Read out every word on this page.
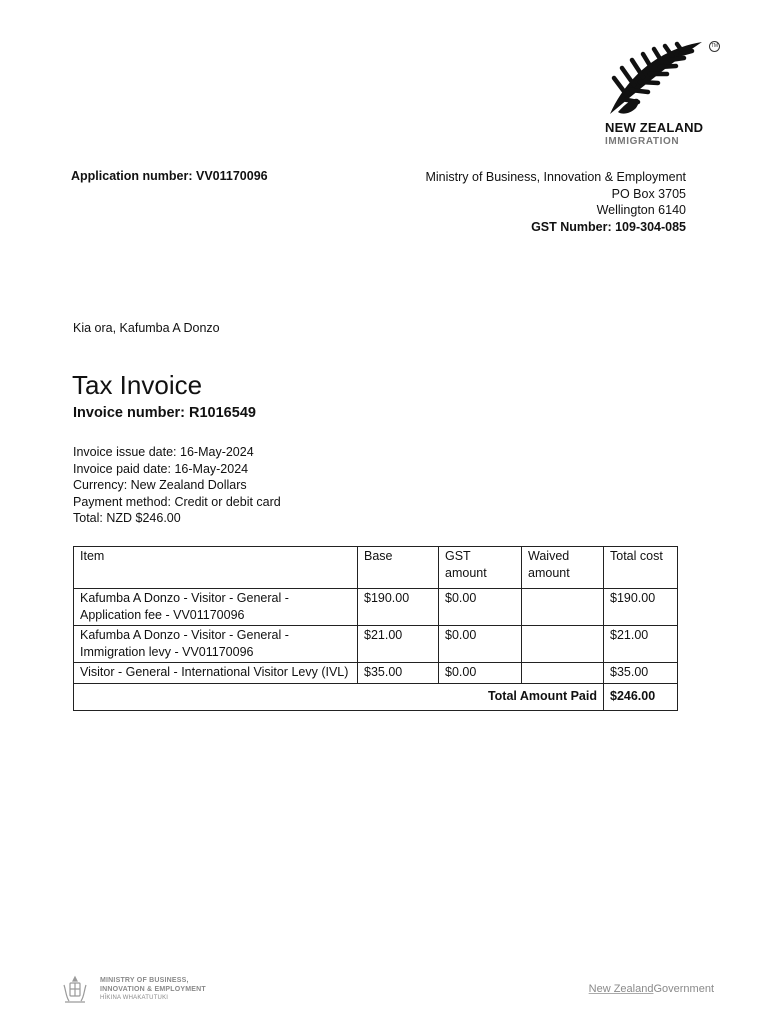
TM
NEW ZEALAND
IMMIGRATION
Application number: VV01170096	Ministry of Business, Innovation & Employment
PO Box 3705
Wellington 6140
GST Number: 109-304-085
Kia ora, Kafumba A Donzo
Tax Invoice
Invoice number: R1016549
Invoice issue date: 16-May-2024
Invoice paid date: 16-May-2024
Currency: New Zealand Dollars
Payment method: Credit or debit card
Total: NZD $246.00
Item	Base	GST amount	Waived amount	Total cost
Kafumba A Donzo - Visitor - General - Application fee - VV01170096	$190.00	$0.00		$190.00
Kafumba A Donzo - Visitor - General - Immigration levy - VV01170096	$21.00	$0.00		$21.00
Visitor - General - International Visitor Levy (IVL)	$35.00	$0.00		$35.00
Total Amount Paid				$246.00
MINISTRY OF BUSINESS,
INNOVATION & EMPLOYMENT
HĪKINA WHAKATUTUKI
New ZealandGovernment
